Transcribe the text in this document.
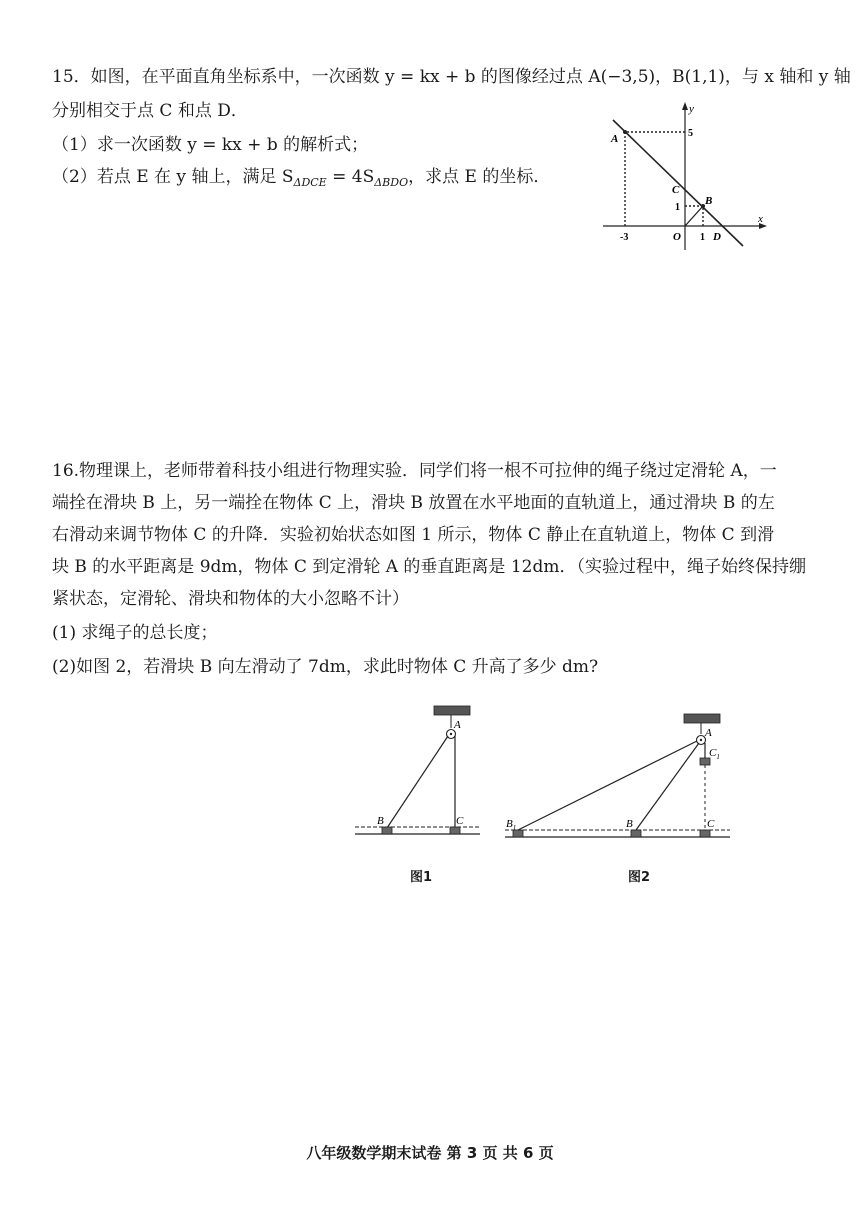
15．如图，在平面直角坐标系中，一次函数 y = kx + b 的图像经过点 A(−3,5)，B(1,1)，与 x 轴和 y 轴
分别相交于点 C 和点 D．
（1）求一次函数 y = kx + b 的解析式；
（2）若点 E 在 y 轴上，满足 $S_{\Delta DCE} = 4S_{\Delta BDO}$，求点 E 的坐标．
A
B
C
D
O
x
y
5
1
-3	1
16.物理课上，老师带着科技小组进行物理实验．同学们将一根不可拉伸的绳子绕过定滑轮 A，一
端拴在滑块 B 上，另一端拴在物体 C 上，滑块 B 放置在水平地面的直轨道上，通过滑块 B 的左
右滑动来调节物体 C 的升降．实验初始状态如图 1 所示，物体 C 静止在直轨道上，物体 C 到滑
块 B 的水平距离是 9dm，物体 C 到定滑轮 A 的垂直距离是 12dm．（实验过程中，绳子始终保持绷
紧状态，定滑轮、滑块和物体的大小忽略不计）
(1) 求绳子的总长度；
(2)如图 2，若滑块 B 向左滑动了 7dm，求此时物体 C 升高了多少 dm?
A
B	C
图1
A
$C_1$
$B_1$	B	C
图2
八年级数学期末试卷 第 3 页 共 6 页
